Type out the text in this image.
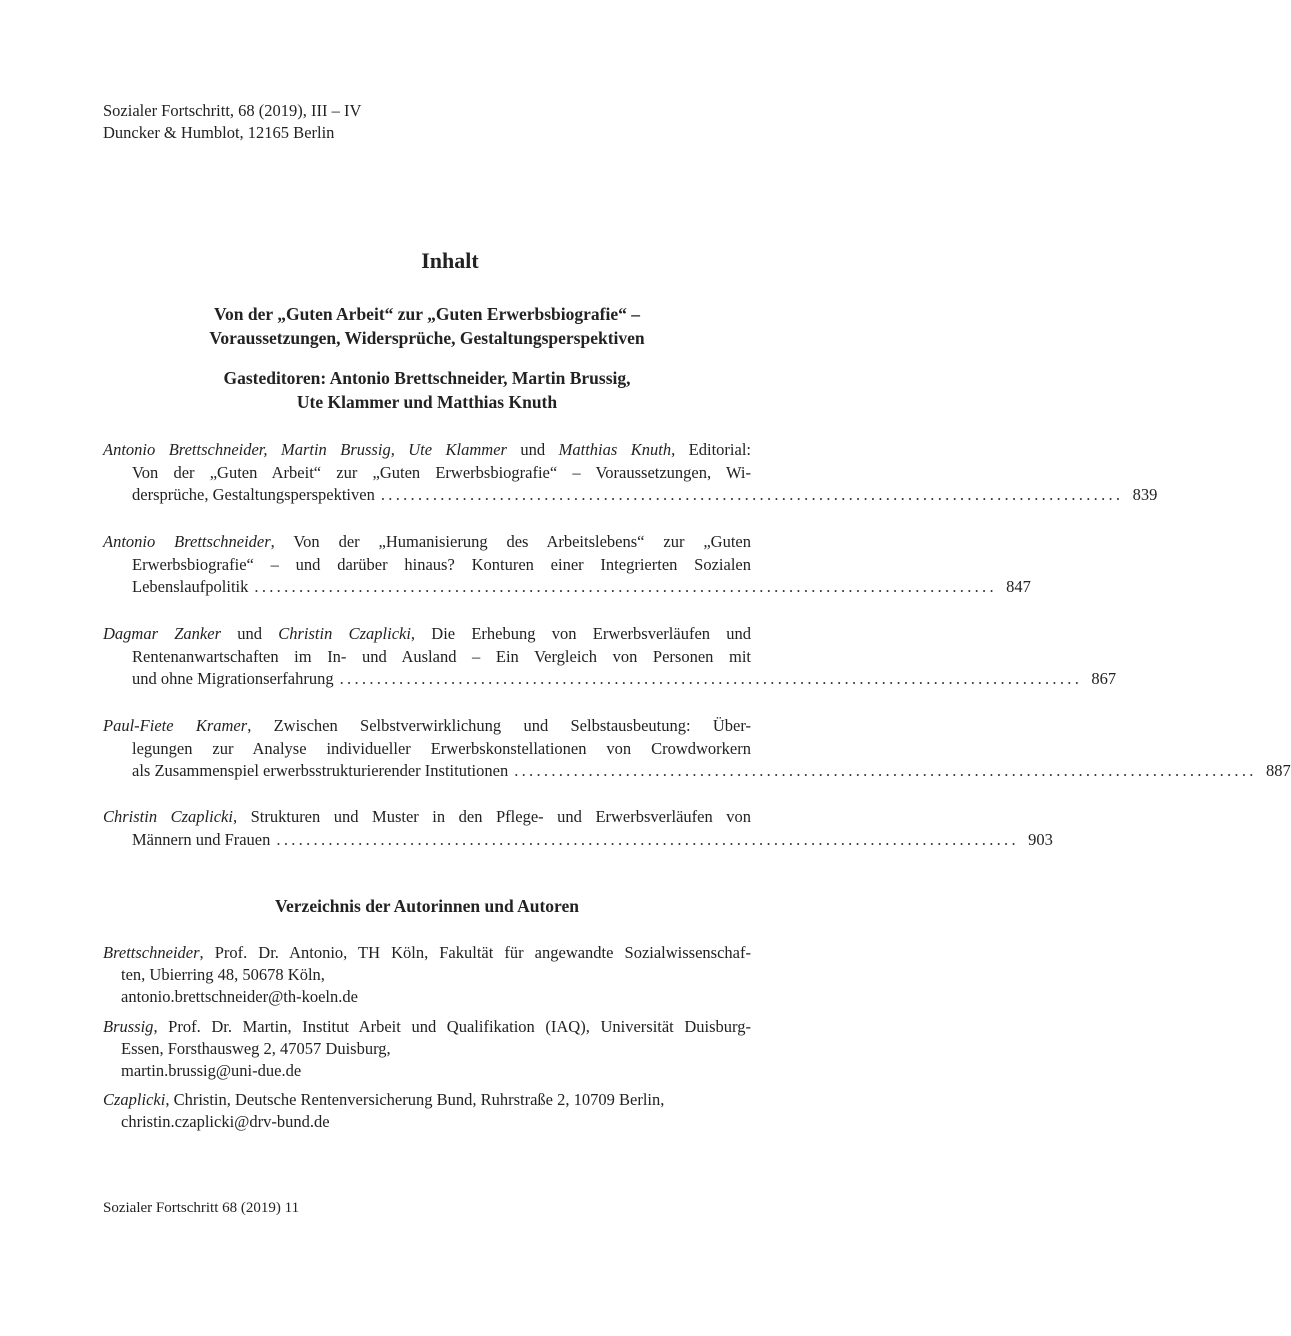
Sozialer Fortschritt, 68 (2019), III – IV
Duncker & Humblot, 12165 Berlin
Inhalt
Von der „Guten Arbeit“ zur „Guten Erwerbsbiografie“ –
Voraussetzungen, Widersprüche, Gestaltungsperspektiven
Gasteditoren: Antonio Brettschneider, Martin Brussig,
Ute Klammer und Matthias Knuth
Antonio Brettschneider, Martin Brussig, Ute Klammer und Matthias Knuth, Editorial:
Von der „Guten Arbeit“ zur „Guten Erwerbsbiografie“ – Voraussetzungen, Wi-
dersprüche, Gestaltungsperspektiven .................................................................................................... 839
Antonio Brettschneider, Von der „Humanisierung des Arbeitslebens“ zur „Guten
Erwerbsbiografie“ – und darüber hinaus? Konturen einer Integrierten Sozialen
Lebenslaufpolitik .................................................................................................... 847
Dagmar Zanker und Christin Czaplicki, Die Erhebung von Erwerbsverläufen und
Rentenanwartschaften im In- und Ausland – Ein Vergleich von Personen mit
und ohne Migrationserfahrung .................................................................................................... 867
Paul-Fiete Kramer, Zwischen Selbstverwirklichung und Selbstausbeutung: Über-
legungen zur Analyse individueller Erwerbskonstellationen von Crowdworkern
als Zusammenspiel erwerbsstrukturierender Institutionen .................................................................................................... 887
Christin Czaplicki, Strukturen und Muster in den Pflege- und Erwerbsverläufen von
Männern und Frauen .................................................................................................... 903
Verzeichnis der Autorinnen und Autoren
Brettschneider, Prof. Dr. Antonio, TH Köln, Fakultät für angewandte Sozialwissenschaf-
ten, Ubierring 48, 50678 Köln,
antonio.brettschneider@th-koeln.de
Brussig, Prof. Dr. Martin, Institut Arbeit und Qualifikation (IAQ), Universität Duisburg-
Essen, Forsthausweg 2, 47057 Duisburg,
martin.brussig@uni-due.de
Czaplicki, Christin, Deutsche Rentenversicherung Bund, Ruhrstraße 2, 10709 Berlin,
christin.czaplicki@drv-bund.de
Sozialer Fortschritt 68 (2019) 11
